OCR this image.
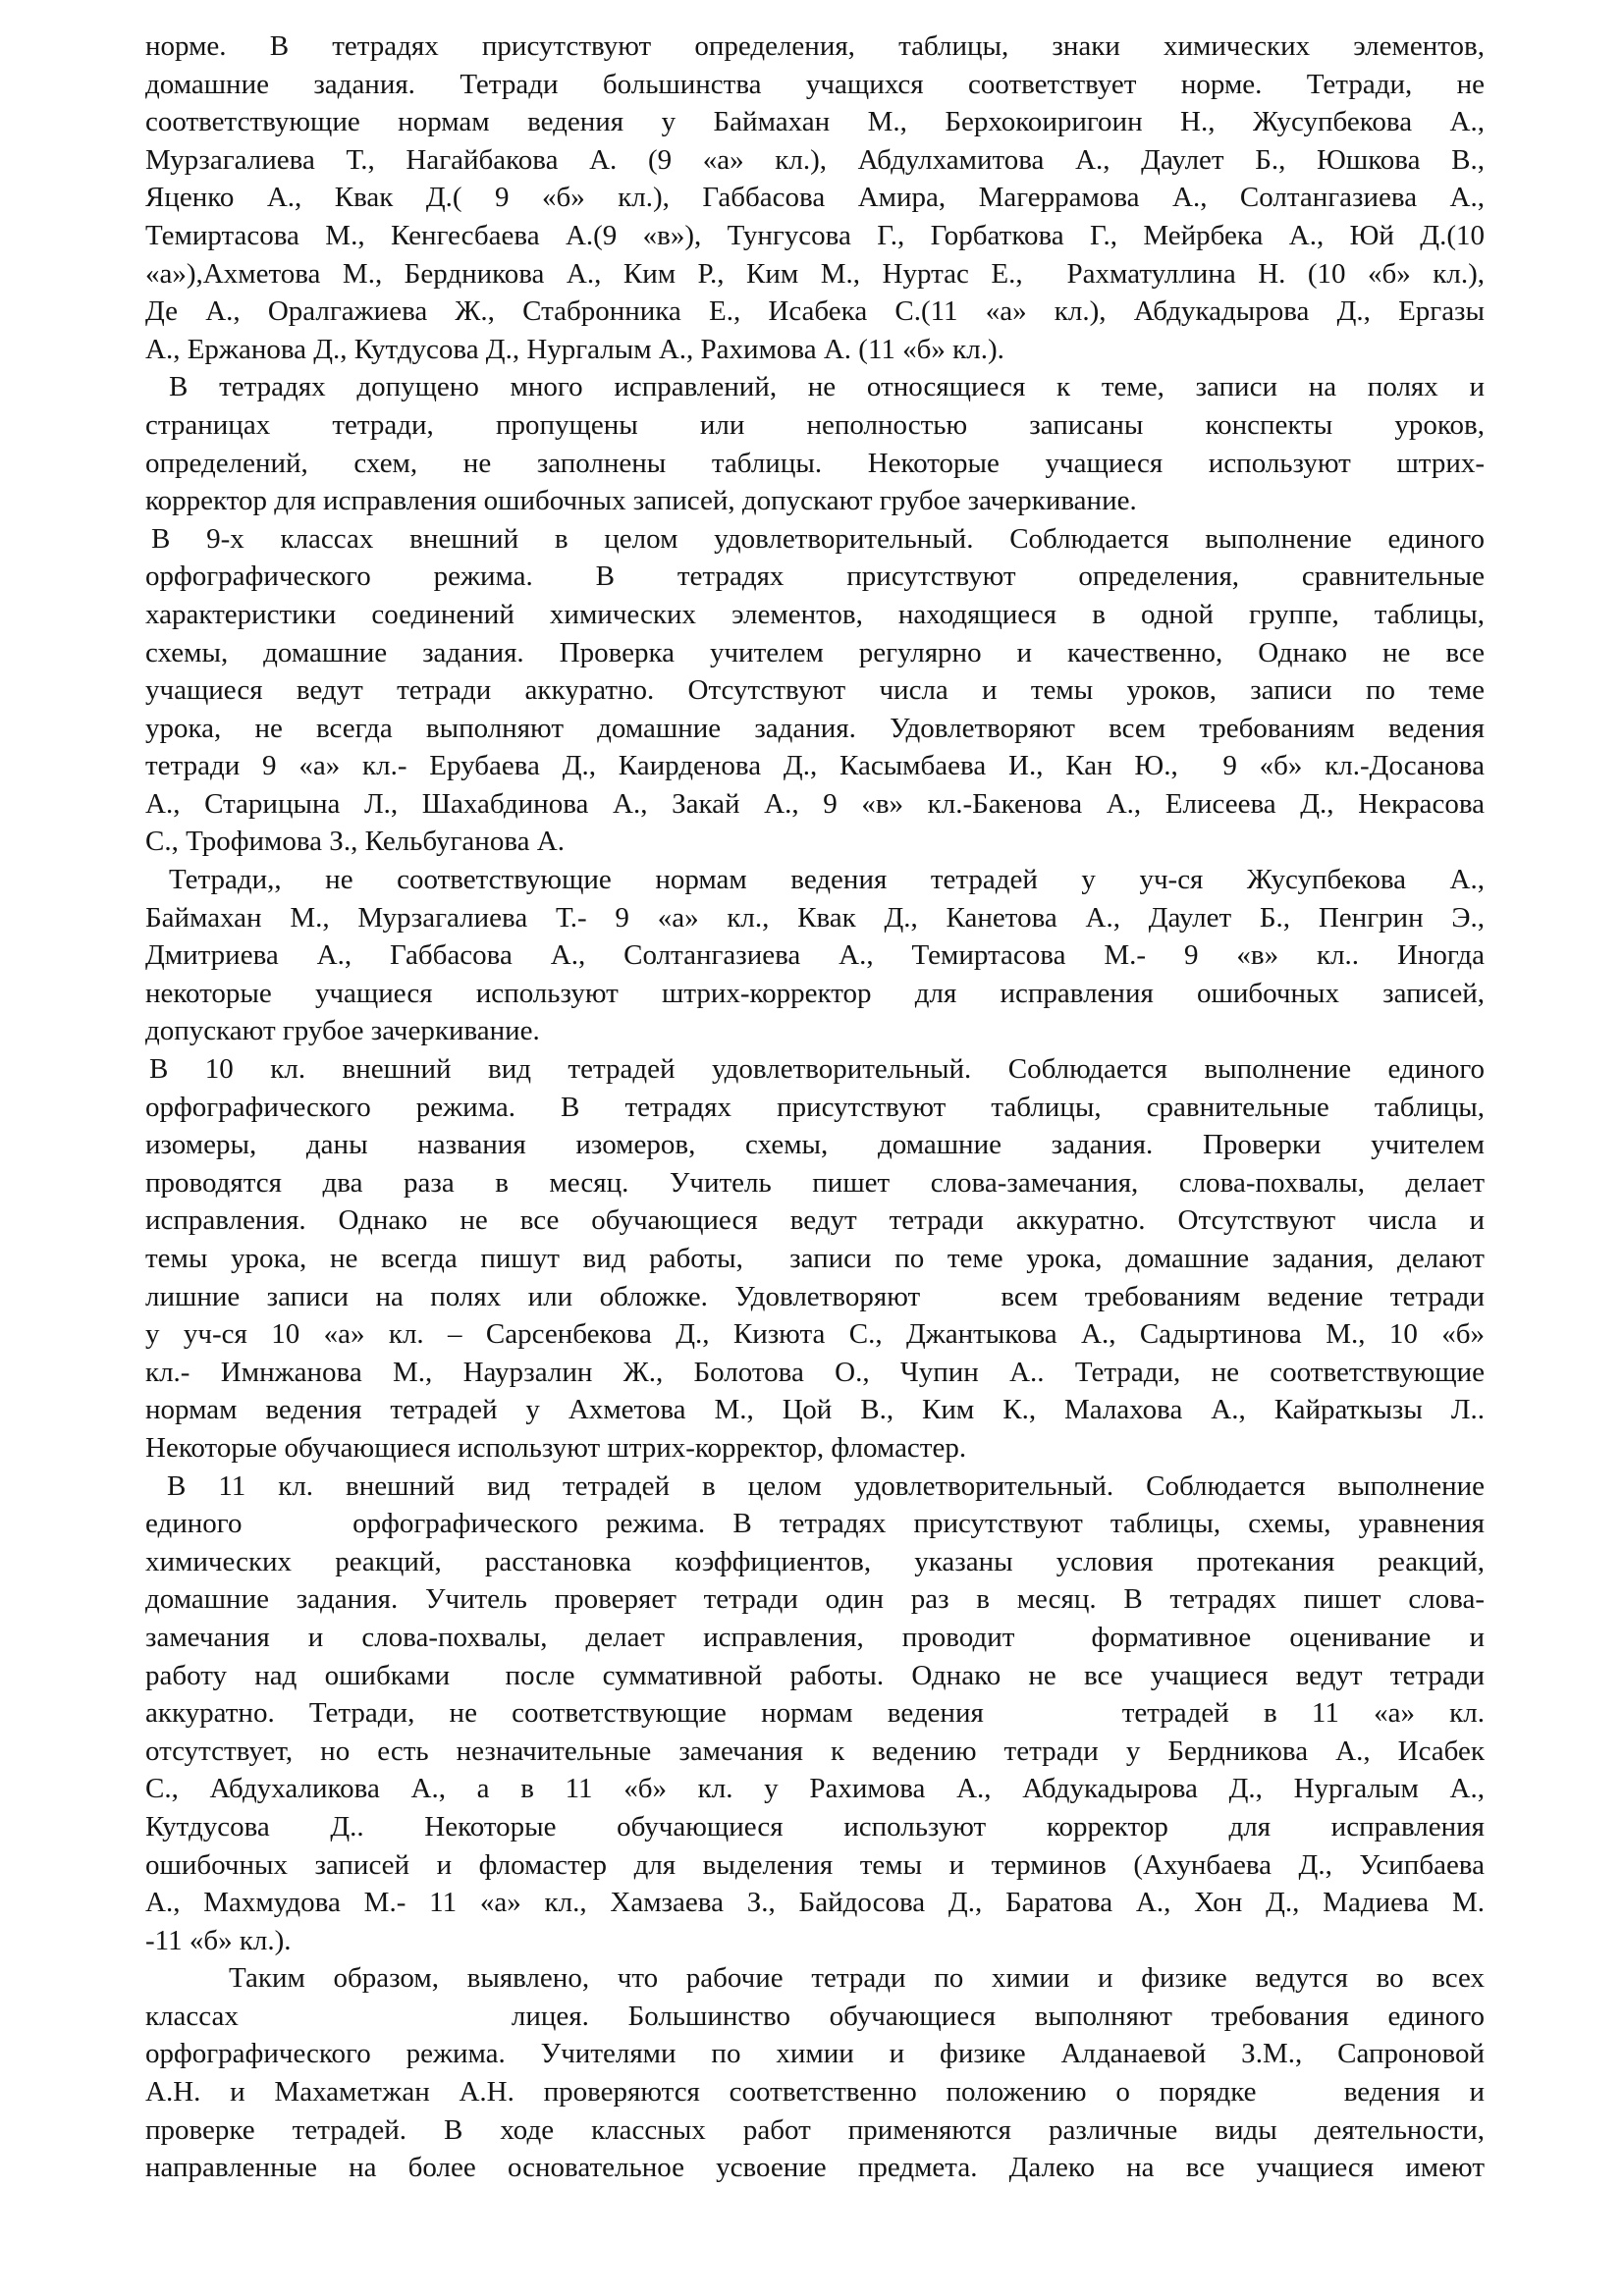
норме. В тетрадях присутствуют определения, таблицы, знаки химических элементов,
домашние задания. Тетради большинства учащихся соответствует норме. Тетради, не
соответствующие нормам ведения у Баймахан М., Берхокоиригоин Н., Жусупбекова А.,
Мурзагалиева Т., Нагайбакова А. (9 «а» кл.), Абдулхамитова А., Даулет Б., Юшкова В.,
Яценко А., Квак Д.( 9 «б» кл.), Габбасова Амира, Магеррамова А., Солтангазиева А.,
Темиртасова М., Кенгесбаева А.(9 «в»), Тунгусова Г., Горбаткова Г., Мейрбека А., Юй Д.(10
«а»),Ахметова М., Бердникова А., Ким Р., Ким М., Нуртас Е.,  Рахматуллина Н. (10 «б» кл.),
Де А., Оралгажиева Ж., Стабронника Е., Исабека С.(11 «а» кл.), Абдукадырова Д., Ергазы
А., Ержанова Д., Кутдусова Д., Нургалым А., Рахимова А. (11 «б» кл.).
В тетрадях допущено много исправлений, не относящиеся к теме, записи на полях и
страницах тетради, пропущены или неполностью записаны конспекты уроков,
определений, схем, не заполнены таблицы. Некоторые учащиеся используют штрих-
корректор для исправления ошибочных записей, допускают грубое зачеркивание.
В 9-х классах внешний в целом удовлетворительный. Соблюдается выполнение единого
орфографического режима. В тетрадях присутствуют определения, сравнительные
характеристики соединений химических элементов, находящиеся в одной группе, таблицы,
схемы, домашние задания. Проверка учителем регулярно и качественно, Однако не все
учащиеся ведут тетради аккуратно. Отсутствуют числа и темы уроков, записи по теме
урока, не всегда выполняют домашние задания. Удовлетворяют всем требованиям ведения
тетради 9 «а» кл.- Ерубаева Д., Каирденова Д., Касымбаева И., Кан Ю.,  9 «б» кл.-Досанова
А., Старицына Л., Шахабдинова А., Закай А., 9 «в» кл.-Бакенова А., Елисеева Д., Некрасова
С., Трофимова З., Кельбуганова А.
Тетради,, не соответствующие нормам ведения тетрадей у уч-ся Жусупбекова А.,
Баймахан М., Мурзагалиева Т.- 9 «а» кл., Квак Д., Канетова А., Даулет Б., Пенгрин Э.,
Дмитриева А., Габбасова А., Солтангазиева А., Темиртасова М.- 9 «в» кл.. Иногда
некоторые учащиеся используют штрих-корректор для исправления ошибочных записей,
допускают грубое зачеркивание.
В 10 кл. внешний вид тетрадей удовлетворительный. Соблюдается выполнение единого
орфографического режима. В тетрадях присутствуют таблицы, сравнительные таблицы,
изомеры, даны названия изомеров, схемы, домашние задания. Проверки учителем
проводятся два раза в месяц. Учитель пишет слова-замечания, слова-похвалы, делает
исправления. Однако не все обучающиеся ведут тетради аккуратно. Отсутствуют числа и
темы урока, не всегда пишут вид работы,  записи по теме урока, домашние задания, делают
лишние записи на полях или обложке. Удовлетворяют   всем требованиям ведение тетради
у уч-ся 10 «а» кл. – Сарсенбекова Д., Кизюта С., Джантыкова А., Садыртинова М., 10 «б»
кл.- Имнжанова М., Наурзалин Ж., Болотова О., Чупин А.. Тетради, не соответствующие
нормам ведения тетрадей у Ахметова М., Цой В., Ким К., Малахова А., Кайраткызы Л..
Некоторые обучающиеся используют штрих-корректор, фломастер.
В 11 кл. внешний вид тетрадей в целом удовлетворительный. Соблюдается выполнение
единого    орфографического режима. В тетрадях присутствуют таблицы, схемы, уравнения
химических реакций, расстановка коэффициентов, указаны условия протекания реакций,
домашние задания. Учитель проверяет тетради один раз в месяц. В тетрадях пишет слова-
замечания и слова-похвалы, делает исправления, проводит  формативное оценивание и
работу над ошибками  после суммативной работы. Однако не все учащиеся ведут тетради
аккуратно. Тетради, не соответствующие нормам ведения    тетрадей в 11 «а» кл.
отсутствует, но есть незначительные замечания к ведению тетради у Бердникова А., Исабек
С., Абдухаликова А., а в 11 «б» кл. у Рахимова А., Абдукадырова Д., Нургалым А.,
Кутдусова Д.. Некоторые обучающиеся используют корректор для исправления
ошибочных записей и фломастер для выделения темы и терминов (Ахунбаева Д., Усипбаева
А., Махмудова М.- 11 «а» кл., Хамзаева З., Байдосова Д., Баратова А., Хон Д., Мадиева М.
-11 «б» кл.).
Таким образом, выявлено, что рабочие тетради по химии и физике ведутся во всех
классах       лицея. Большинство обучающиеся выполняют требования единого
орфографического режима. Учителями по химии и физике Алданаевой З.М., Сапроновой
А.Н. и Махаметжан А.Н. проверяются соответственно положению о порядке   ведения и
проверке тетрадей. В ходе классных работ применяются различные виды деятельности,
направленные на более основательное усвоение предмета. Далеко на все учащиеся имеют
